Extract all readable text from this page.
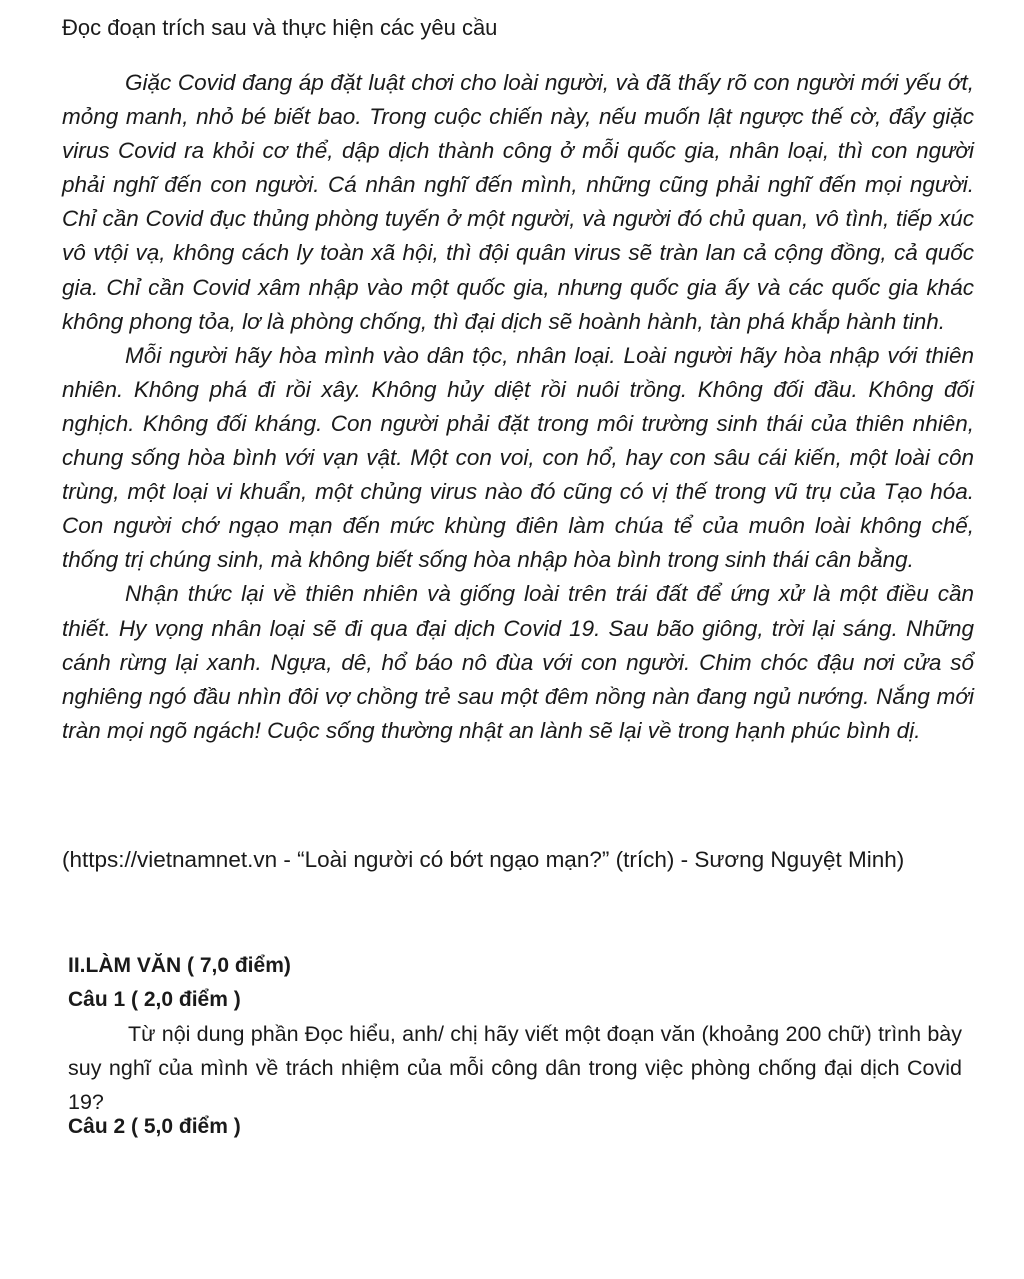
Đọc đoạn trích sau và thực hiện các yêu cầu

Giặc Covid đang áp đặt luật chơi cho loài người, và đã thấy rõ con người mới yếu ớt, mỏng manh, nhỏ bé biết bao. Trong cuộc chiến này, nếu muốn lật ngược thế cờ, đẩy giặc virus Covid ra khỏi cơ thể, dập dịch thành công ở mỗi quốc gia, nhân loại, thì con người phải nghĩ đến con người. Cá nhân nghĩ đến mình, những cũng phải nghĩ đến mọi người. Chỉ cần Covid đục thủng phòng tuyến ở một người, và người đó chủ quan, vô tình, tiếp xúc vô vtội vạ, không cách ly toàn xã hội, thì đội quân virus sẽ tràn lan cả cộng đồng, cả quốc gia. Chỉ cần Covid xâm nhập vào một quốc gia, nhưng quốc gia ấy và các quốc gia khác không phong tỏa, lơ là phòng chống, thì đại dịch sẽ hoành hành, tàn phá khắp hành tinh.

Mỗi người hãy hòa mình vào dân tộc, nhân loại. Loài người hãy hòa nhập với thiên nhiên. Không phá đi rồi xây. Không hủy diệt rồi nuôi trồng. Không đối đầu. Không đối nghịch. Không đối kháng. Con người phải đặt trong môi trường sinh thái của thiên nhiên, chung sống hòa bình với vạn vật. Một con voi, con hổ, hay con sâu cái kiến, một loài côn trùng, một loại vi khuẩn, một chủng virus nào đó cũng có vị thế trong vũ trụ của Tạo hóa. Con người chớ ngạo mạn đến mức khùng điên làm chúa tể của muôn loài không chế, thống trị chúng sinh, mà không biết sống hòa nhập hòa bình trong sinh thái cân bằng.

Nhận thức lại về thiên nhiên và giống loài trên trái đất để ứng xử là một điều cần thiết. Hy vọng nhân loại sẽ đi qua đại dịch Covid 19. Sau bão giông, trời lại sáng. Những cánh rừng lại xanh. Ngựa, dê, hổ báo nô đùa với con người. Chim chóc đậu nơi cửa sổ nghiêng ngó đầu nhìn đôi vợ chồng trẻ sau một đêm nồng nàn đang ngủ nướng. Nắng mới tràn mọi ngõ ngách! Cuộc sống thường nhật an lành sẽ lại về trong hạnh phúc bình dị.

(https://vietnamnet.vn - “Loài người có bớt ngạo mạn?” (trích) - Sương Nguyệt Minh)
II.LÀM VĂN ( 7,0 điểm)
Câu 1 ( 2,0 điểm )

Từ nội dung phần Đọc hiểu, anh/ chị hãy viết một đoạn văn (khoảng 200 chữ) trình bày suy nghĩ của mình về trách nhiệm của mỗi công dân trong việc phòng chống đại dịch Covid 19?

Câu 2 ( 5,0 điểm )
